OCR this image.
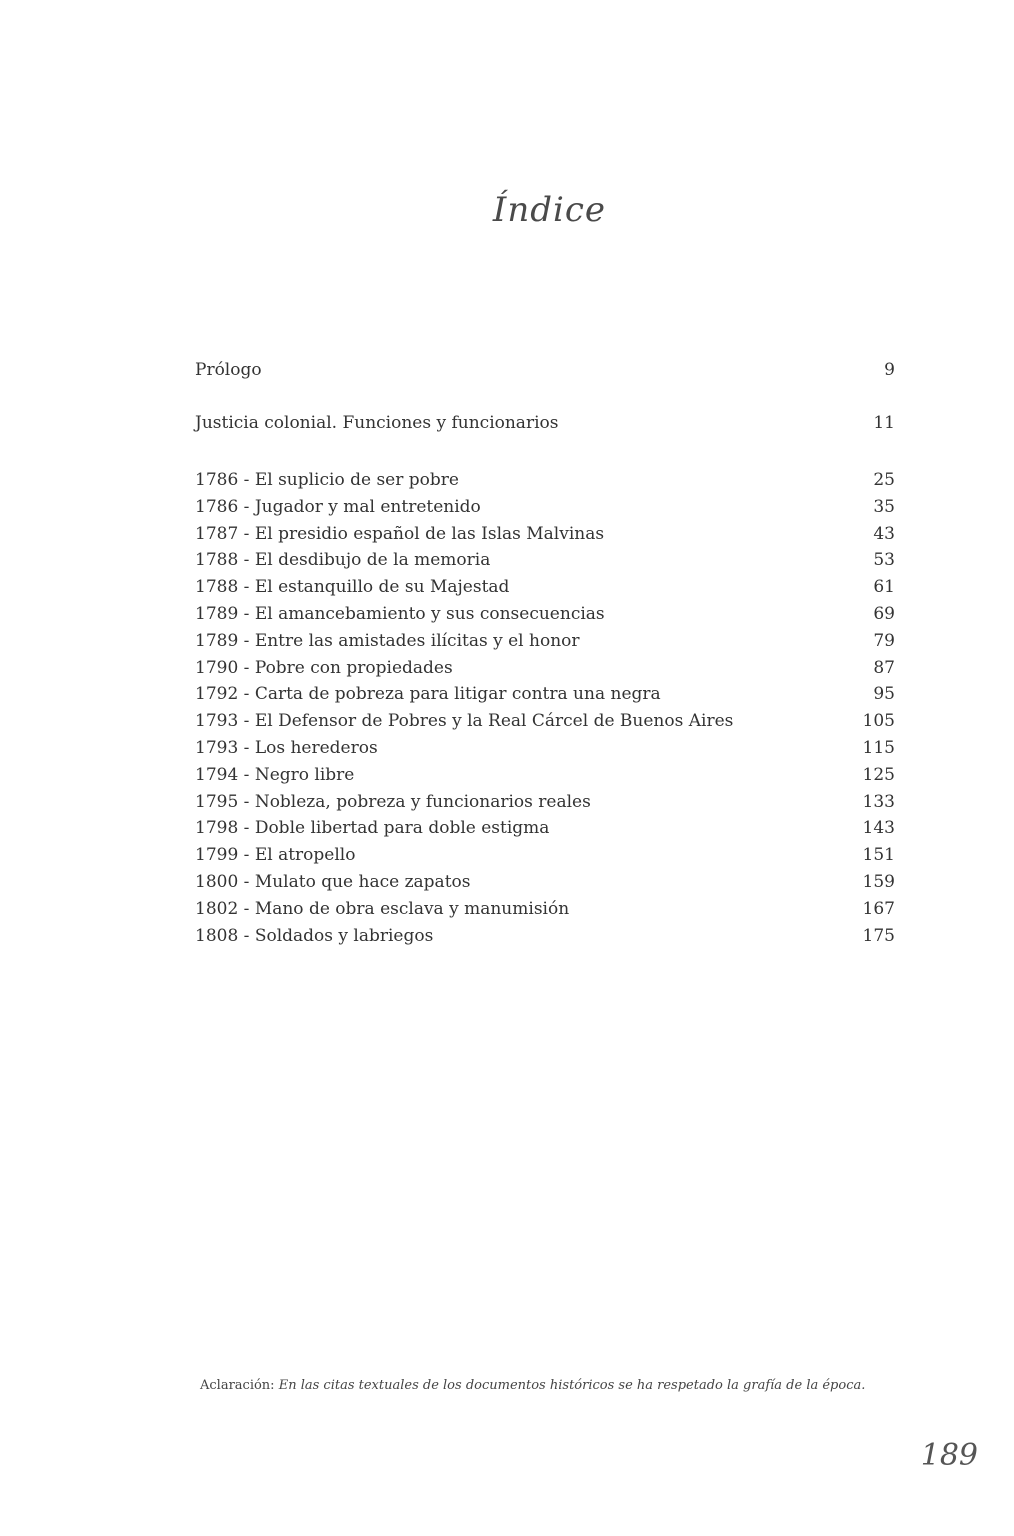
Índice
Prólogo	9
Justicia colonial. Funciones y funcionarios	11
1786 - El suplicio de ser pobre	25
1786 - Jugador y mal entretenido	35
1787 - El presidio español de las Islas Malvinas	43
1788 - El desdibujo de la memoria	53
1788 - El estanquillo de su Majestad	61
1789 - El amancebamiento y sus consecuencias	69
1789 - Entre las amistades ilícitas y el honor	79
1790 - Pobre con propiedades	87
1792 - Carta de pobreza para litigar contra una negra	95
1793 - El Defensor de Pobres y la Real Cárcel de Buenos Aires	105
1793 - Los herederos	115
1794 - Negro libre	125
1795 - Nobleza, pobreza y funcionarios reales	133
1798 - Doble libertad para doble estigma	143
1799 - El atropello	151
1800 - Mulato que hace zapatos	159
1802 - Mano de obra esclava y manumisión	167
1808 - Soldados y labriegos	175
Aclaración: En las citas textuales de los documentos históricos se ha respetado la grafía de la época.
189
